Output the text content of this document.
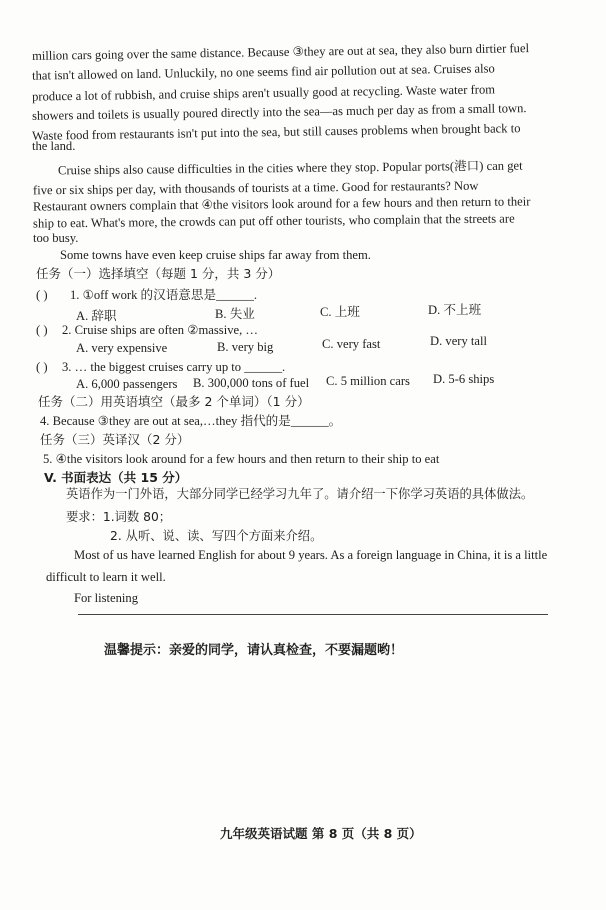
million cars going over the same distance. Because ③they are out at sea, they also burn dirtier fuel
that isn't allowed on land. Unluckily, no one seems find air pollution out at sea. Cruises also
produce a lot of rubbish, and cruise ships aren't usually good at recycling. Waste water from
showers and toilets is usually poured directly into the sea—as much per day as from a small town.
Waste food from restaurants isn't put into the sea, but still causes problems when brought back to
the land.
Cruise ships also cause difficulties in the cities where they stop. Popular ports(港口) can get
five or six ships per day, with thousands of tourists at a time. Good for restaurants? Now
Restaurant owners complain that ④the visitors look around for a few hours and then return to their
ship to eat. What's more, the crowds can put off other tourists, who complain that the streets are
too busy.
Some towns have even keep cruise ships far away from them.
任务（一）选择填空（每题 1 分，共 3 分）
( ) 1. ①off work 的汉语意思是______.
A. 辞职	B. 失业	C. 上班	D. 不上班
( ) 2. Cruise ships are often ②massive, …
A. very expensive	B. very big	C. very fast	D. very tall
( ) 3. … the biggest cruises carry up to ______.
A. 6,000 passengers B. 300,000 tons of fuel C. 5 million cars D. 5-6 ships
任务（二）用英语填空（最多 2 个单词）（1 分）
4. Because ③they are out at sea,…they 指代的是______。
任务（三）英译汉（2 分）
5. ④the visitors look around for a few hours and then return to their ship to eat
V. 书面表达（共 15 分）
英语作为一门外语，大部分同学已经学习九年了。请介绍一下你学习英语的具体做法。
要求：1.词数 80；
2. 从听、说、读、写四个方面来介绍。
Most of us have learned English for about 9 years. As a foreign language in China, it is a little
difficult to learn it well.
For listening
温馨提示：亲爱的同学，请认真检查，不要漏题哟！
九年级英语试题 第 8 页（共 8 页）
